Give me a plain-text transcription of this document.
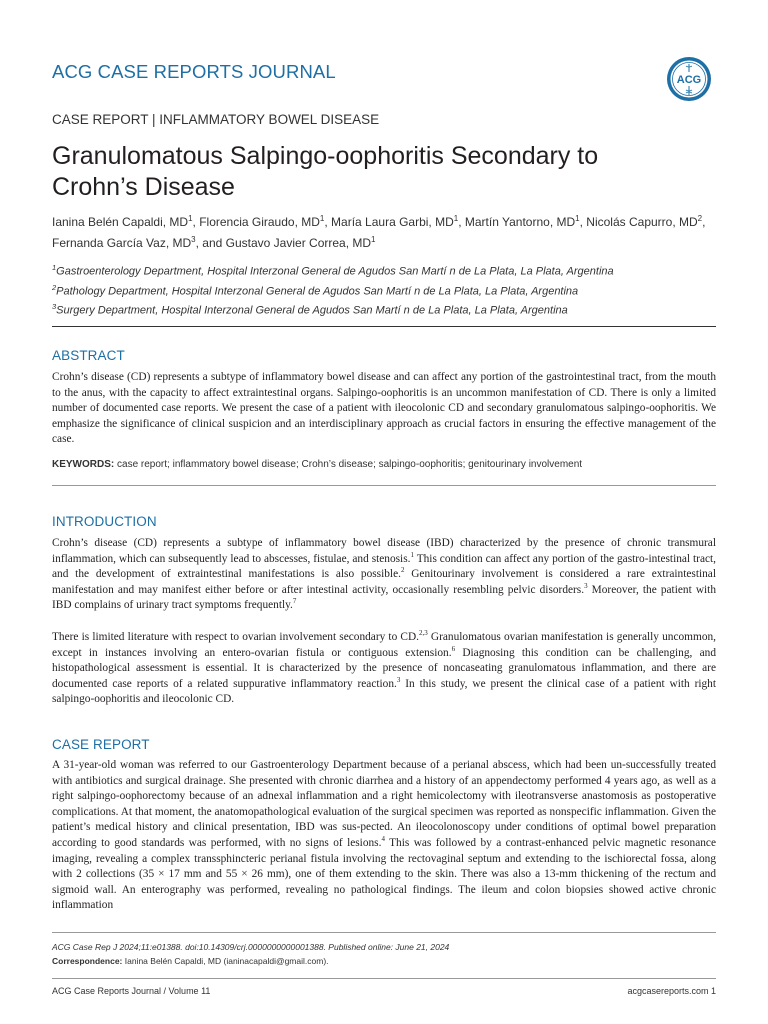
ACG CASE REPORTS JOURNAL	ACG
CASE REPORT | INFLAMMATORY BOWEL DISEASE
Granulomatous Salpingo-oophoritis Secondary to
Crohn’s Disease
Ianina Belén Capaldi, $MD^1$, Florencia Giraudo, $MD^1$, María Laura Garbi, $MD^1$, Martín Yantorno, $MD^1$, Nicolás Capurro, $MD^2$,
Fernanda García Vaz, $MD^3$, and Gustavo Javier Correa, $MD^1$
$^1$Gastroenterology Department, Hospital Interzonal General de Agudos San Martí n de La Plata, La Plata, Argentina
$^2$Pathology Department, Hospital Interzonal General de Agudos San Martí n de La Plata, La Plata, Argentina
$^3$Surgery Department, Hospital Interzonal General de Agudos San Martí n de La Plata, La Plata, Argentina
ABSTRACT

Crohn’s disease (CD) represents a subtype of inflammatory bowel disease and can affect any portion of the gastrointestinal tract, from the mouth to the anus, with the capacity to affect extraintestinal organs. Salpingo-oophoritis is an uncommon manifestation of CD. There is only a limited number of documented case reports. We present the case of a patient with ileocolonic CD and secondary granulomatous salpingo-oophoritis. We emphasize the significance of clinical suspicion and an interdisciplinary approach as crucial factors in ensuring the effective management of the case.

KEYWORDS: case report; inflammatory bowel disease; Crohn’s disease; salpingo-oophoritis; genitourinary involvement
INTRODUCTION

Crohn’s disease (CD) represents a subtype of inflammatory bowel disease (IBD) characterized by the presence of chronic transmural inflammation, which can subsequently lead to abscesses, fistulae, and stenosis.$^1$ This condition can affect any portion of the gastro-intestinal tract, and the development of extraintestinal manifestations is also possible.$^2$ Genitourinary involvement is considered a rare extraintestinal manifestation and may manifest either before or after intestinal activity, occasionally resembling pelvic disorders.$^3$ Moreover, the patient with IBD complains of urinary tract symptoms frequently.$^7$

There is limited literature with respect to ovarian involvement secondary to CD.$^{2,3}$ Granulomatous ovarian manifestation is generally uncommon, except in instances involving an entero-ovarian fistula or contiguous extension.$^6$ Diagnosing this condition can be challenging, and histopathological assessment is essential. It is characterized by the presence of noncaseating granulomatous inflammation, and there are documented case reports of a related suppurative inflammatory reaction.$^3$ In this study, we present the clinical case of a patient with right salpingo-oophoritis and ileocolonic CD.

CASE REPORT

A 31-year-old woman was referred to our Gastroenterology Department because of a perianal abscess, which had been un-successfully treated with antibiotics and surgical drainage. She presented with chronic diarrhea and a history of an appendectomy performed 4 years ago, as well as a right salpingo-oophorectomy because of an adnexal inflammation and a right hemicolectomy with ileotransverse anastomosis as postoperative complications. At that moment, the anatomopathological evaluation of the surgical specimen was reported as nonspecific inflammation. Given the patient’s medical history and clinical presentation, IBD was sus-pected. An ileocolonoscopy under conditions of optimal bowel preparation according to good standards was performed, with no signs of lesions.$^4$ This was followed by a contrast-enhanced pelvic magnetic resonance imaging, revealing a complex transsphincteric perianal fistula involving the rectovaginal septum and extending to the ischiorectal fossa, along with 2 collections (35 × 17 mm and 55 × 26 mm), one of them extending to the skin. There was also a 13-mm thickening of the rectum and sigmoid wall. An enterography was performed, revealing no pathological findings. The ileum and colon biopsies showed active chronic inflammation

ACG Case Rep J 2024;11:e01388. doi:10.14309/crj.0000000000001388. Published online: June 21, 2024
Correspondence: Ianina Belén Capaldi, MD (ianinacapaldi@gmail.com).
ACG Case Reports Journal / Volume 11	acgcasereports.com 1
